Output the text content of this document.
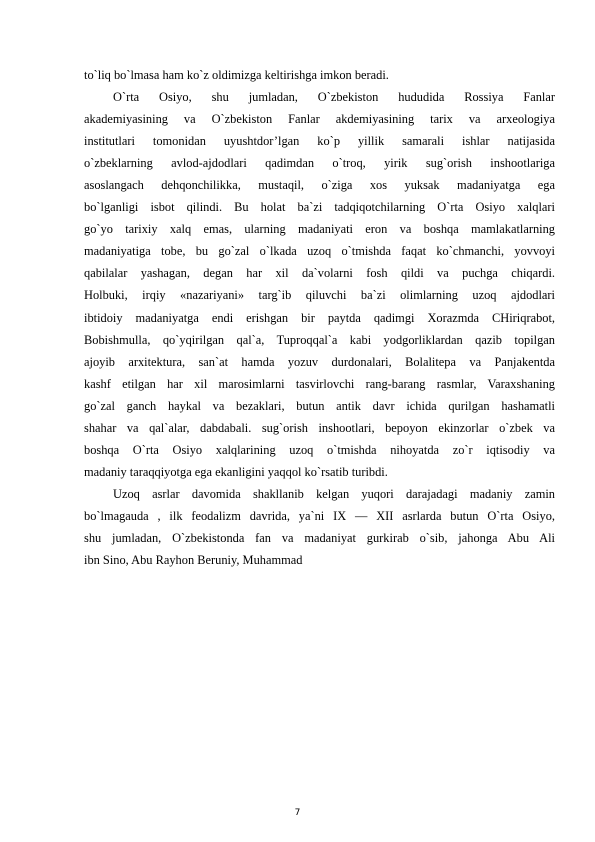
to`liq bo`lmasa ham ko`z oldimizga keltirishga imkon beradi.
O`rta Osiyo, shu jumladan, O`zbekiston hududida Rossiya Fanlar
akademiyasining va O`zbekiston Fanlar akdemiyasining tarix va arxeologiya
institutlari tomonidan uyushtdor’lgan ko`p yillik samarali ishlar natijasida
o`zbeklarning avlod-ajdodlari qadimdan o`troq, yirik sug`orish inshootlariga
asoslangach dehqonchilikka, mustaqil, o`ziga xos yuksak madaniyatga ega
bo`lganligi isbot qilindi. Bu holat ba`zi tadqiqotchilarning O`rta Osiyo xalqlari
go`yo tarixiy xalq emas, ularning madaniyati eron va boshqa mamlakatlarning
madaniyatiga tobe, bu go`zal o`lkada uzoq o`tmishda faqat ko`chmanchi, yovvoyi
qabilalar yashagan, degan har xil da`volarni fosh qildi va puchga chiqardi.
Holbuki, irqiy «nazariyani» targ`ib qiluvchi ba`zi olimlarning uzoq ajdodlari
ibtidoiy madaniyatga endi erishgan bir paytda qadimgi Xorazmda CHiriqrabot,
Bobishmulla, qo`yqirilgan qal`a, Tuproqqal`a kabi yodgorliklardan qazib topilgan
ajoyib arxitektura, san`at hamda yozuv durdonalari, Bolalitepa va Panjakentda
kashf etilgan har xil marosimlarni tasvirlovchi rang-barang rasmlar, Varaxshaning
go`zal ganch haykal va bezaklari, butun antik davr ichida qurilgan hashamatli
shahar va qal`alar, dabdabali. sug`orish inshootlari, bepoyon ekinzorlar o`zbek va
boshqa O`rta Osiyo xalqlarining uzoq o`tmishda nihoyatda zo`r iqtisodiy va
madaniy taraqqiyotga ega ekanligini yaqqol ko`rsatib turibdi.
Uzoq asrlar davomida shakllanib kelgan yuqori darajadagi madaniy zamin
bo`lmagauda , ilk feodalizm davrida, ya`ni IX — XII asrlarda butun O`rta Osiyo,
shu jumladan, O`zbekistonda fan va madaniyat gurkirab o`sib, jahonga Abu Ali
ibn Sino, Abu Rayhon Beruniy, Muhammad
7
